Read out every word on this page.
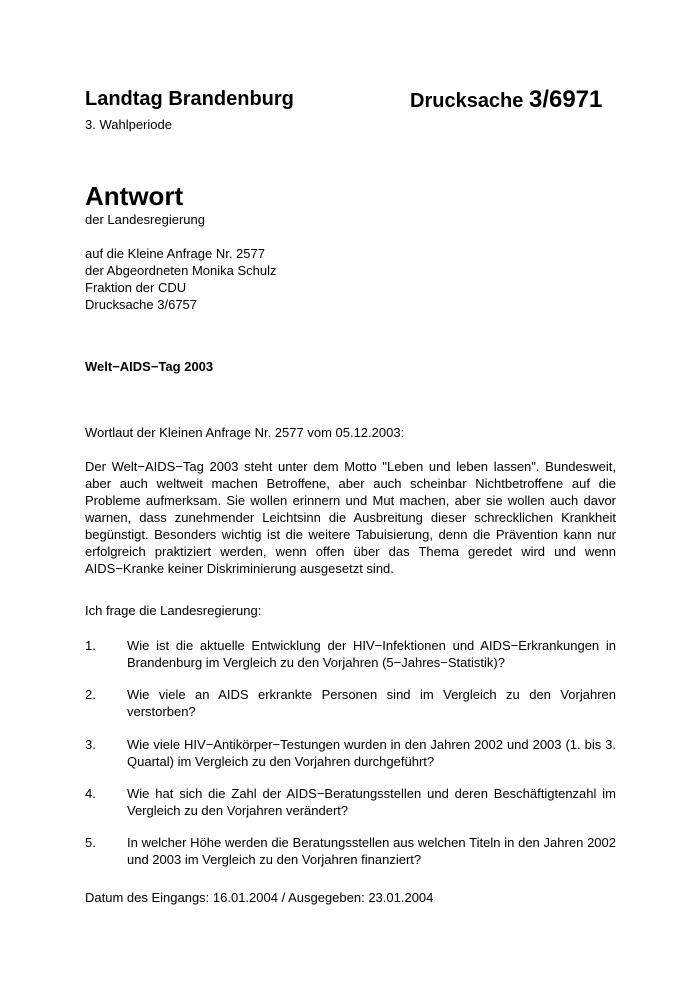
Landtag Brandenburg	Drucksache 3/6971
3. Wahlperiode
Antwort
der Landesregierung
auf die Kleine Anfrage Nr. 2577
der Abgeordneten Monika Schulz
Fraktion der CDU
Drucksache 3/6757
Welt−AIDS−Tag 2003
Wortlaut der Kleinen Anfrage Nr. 2577 vom 05.12.2003:
Der Welt−AIDS−Tag 2003 steht unter dem Motto "Leben und leben lassen". Bundesweit, aber auch weltweit machen Betroffene, aber auch scheinbar Nichtbetroffene auf die Probleme aufmerksam. Sie wollen erinnern und Mut machen, aber sie wollen auch davor warnen, dass zunehmender Leichtsinn die Ausbreitung dieser schrecklichen Krankheit begünstigt. Besonders wichtig ist die weitere Tabuisierung, denn die Prävention kann nur erfolgreich praktiziert werden, wenn offen über das Thema geredet wird und wenn AIDS−Kranke keiner Diskriminierung ausgesetzt sind.
Ich frage die Landesregierung:
1.	Wie ist die aktuelle Entwicklung der HIV−Infektionen und AIDS−Erkrankungen in Brandenburg im Vergleich zu den Vorjahren (5−Jahres−Statistik)?
2.	Wie viele an AIDS erkrankte Personen sind im Vergleich zu den Vorjahren verstorben?
3.	Wie viele HIV−Antikörper−Testungen wurden in den Jahren 2002 und 2003 (1. bis 3. Quartal) im Vergleich zu den Vorjahren durchgeführt?
4.	Wie hat sich die Zahl der AIDS−Beratungsstellen und deren Beschäftigtenzahl im Vergleich zu den Vorjahren verändert?
5.	In welcher Höhe werden die Beratungsstellen aus welchen Titeln in den Jahren 2002 und 2003 im Vergleich zu den Vorjahren finanziert?
Datum des Eingangs: 16.01.2004 / Ausgegeben: 23.01.2004
